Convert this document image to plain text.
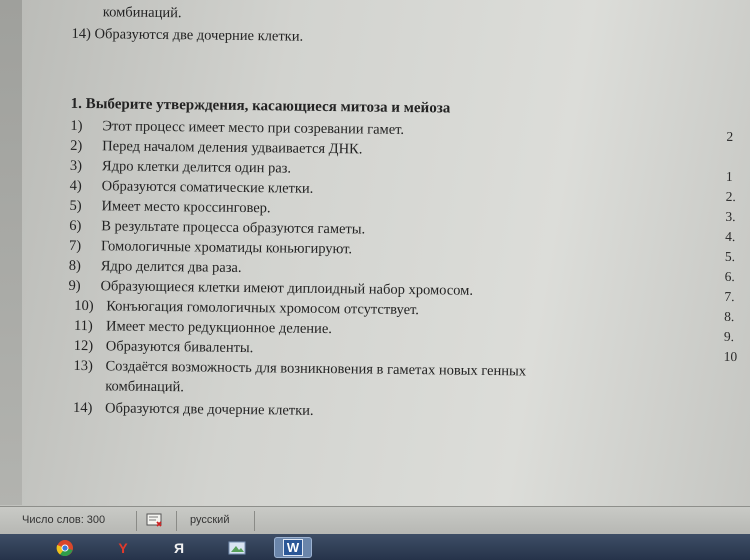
комбинаций.
14) Образуются две дочерние клетки.
1. Выберите утверждения, касающиеся митоза и мейоза
1) Этот процесс имеет место при созревании гамет.
2) Перед началом деления удваивается ДНК.
3) Ядро клетки делится один раз.
4) Образуются соматические клетки.
5) Имеет место кроссинговер.
6) В результате процесса образуются гаметы.
7) Гомологичные хроматиды коньюгируют.
8) Ядро делится два раза.
9) Образующиеся клетки имеют диплоидный набор хромосом.
10) Конъюгация гомологичных хромосом отсутствует.
11) Имеет место редукционное деление.
12) Образуются биваленты.
13) Создаётся возможность для возникновения в гаметах новых генных
комбинаций.
14) Образуются две дочерние клетки.
2
1
2.
3.
4.
5.
6.
7.
8.
9.
10
Число слов: 300	русский
Y	Я	W
